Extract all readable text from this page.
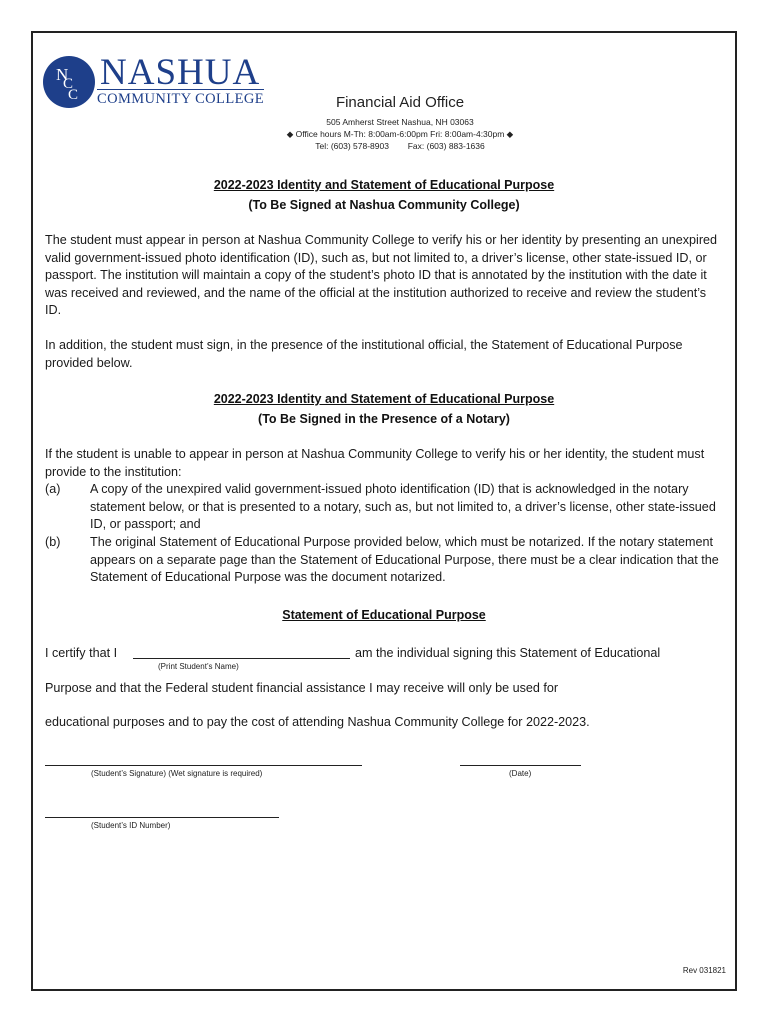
N
C
C
NASHUA
COMMUNITY COLLEGE	Financial Aid Office
505 Amherst Street Nashua, NH 03063
◆ Office hours M-Th: 8:00am-6:00pm Fri: 8:00am-4:30pm ◆
Tel: (603) 578-8903 Fax: (603) 883-1636
2022-2023 Identity and Statement of Educational Purpose
(To Be Signed at Nashua Community College)
The student must appear in person at Nashua Community College to verify his or her identity by presenting an unexpired valid government-issued photo identification (ID), such as, but not limited to, a driver’s license, other state-issued ID, or passport. The institution will maintain a copy of the student’s photo ID that is annotated by the institution with the date it was received and reviewed, and the name of the official at the institution authorized to receive and review the student’s ID.
In addition, the student must sign, in the presence of the institutional official, the Statement of Educational Purpose provided below.
2022-2023 Identity and Statement of Educational Purpose
(To Be Signed in the Presence of a Notary)
If the student is unable to appear in person at Nashua Community College to verify his or her identity, the student must provide to the institution:
(a) A copy of the unexpired valid government-issued photo identification (ID) that is acknowledged in the notary statement below, or that is presented to a notary, such as, but not limited to, a driver’s license, other state-issued ID, or passport; and
(b) The original Statement of Educational Purpose provided below, which must be notarized. If the notary statement appears on a separate page than the Statement of Educational Purpose, there must be a clear indication that the Statement of Educational Purpose was the document notarized.
Statement of Educational Purpose
I certify that I	am the individual signing this Statement of Educational
(Print Student’s Name)
Purpose and that the Federal student financial assistance I may receive will only be used for
educational purposes and to pay the cost of attending Nashua Community College for 2022-2023.
(Student’s Signature) (Wet signature is required)	(Date)
(Student’s ID Number)
Rev 031821
